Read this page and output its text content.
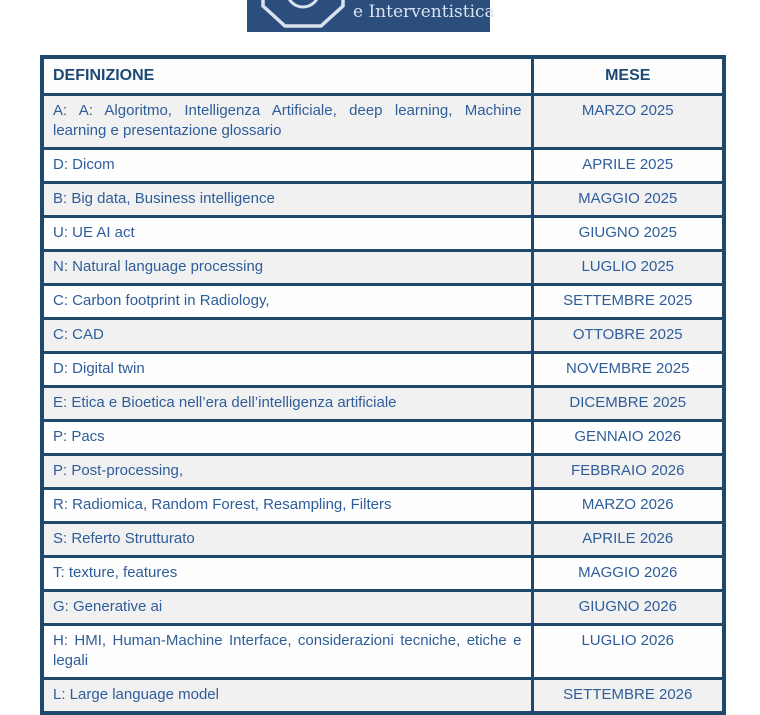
e Interventistica
DEFINIZIONE	MESE
A: A: Algoritmo, Intelligenza Artificiale, deep learning, Machine learning e presentazione glossario	MARZO 2025
D: Dicom	APRILE 2025
B: Big data, Business intelligence	MAGGIO 2025
U: UE AI act	GIUGNO 2025
N: Natural language processing	LUGLIO 2025
C: Carbon footprint in Radiology,	SETTEMBRE 2025
C: CAD	OTTOBRE 2025
D: Digital twin	NOVEMBRE 2025
E: Etica e Bioetica nell’era dell’intelligenza artificiale	DICEMBRE 2025
P: Pacs	GENNAIO 2026
P: Post-processing,	FEBBRAIO 2026
R: Radiomica, Random Forest, Resampling, Filters	MARZO 2026
S: Referto Strutturato	APRILE 2026
T: texture, features	MAGGIO 2026
G: Generative ai	GIUGNO 2026
H: HMI, Human-Machine Interface, considerazioni tecniche, etiche e legali	LUGLIO 2026
L: Large language model	SETTEMBRE 2026
